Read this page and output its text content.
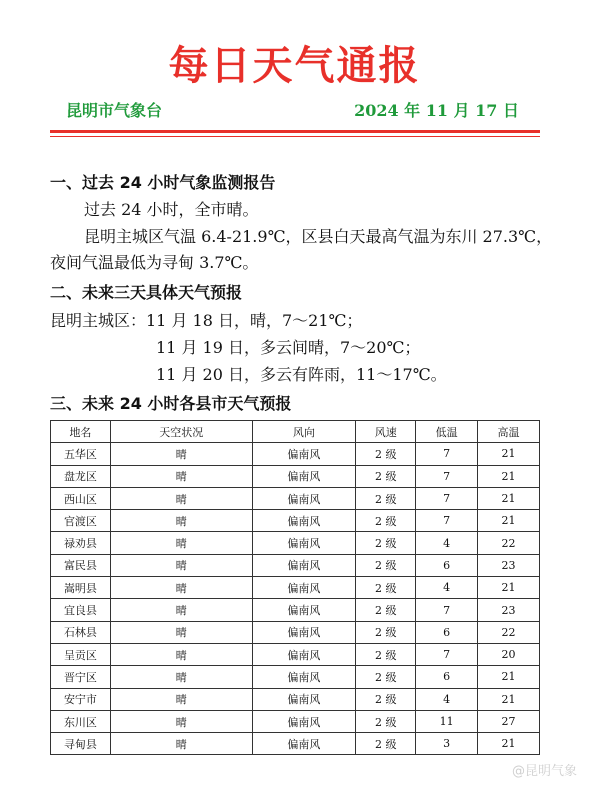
每日天气通报
昆明市气象台	2024 年 11 月 17 日
一、过去 24 小时气象监测报告
过去 24 小时，全市晴。
昆明主城区气温 6.4-21.9℃，区县白天最高气温为东川 27.3℃，
夜间气温最低为寻甸 3.7℃。
二、未来三天具体天气预报
昆明主城区：11 月 18 日，晴，7～21℃；
11 月 19 日，多云间晴，7～20℃；
11 月 20 日，多云有阵雨，11～17℃。
三、未来 24 小时各县市天气预报
地名	天空状况	风向	风速	低温	高温
五华区	晴	偏南风	2 级	7	21
盘龙区	晴	偏南风	2 级	7	21
西山区	晴	偏南风	2 级	7	21
官渡区	晴	偏南风	2 级	7	21
禄劝县	晴	偏南风	2 级	4	22
富民县	晴	偏南风	2 级	6	23
嵩明县	晴	偏南风	2 级	4	21
宜良县	晴	偏南风	2 级	7	23
石林县	晴	偏南风	2 级	6	22
呈贡区	晴	偏南风	2 级	7	20
晋宁区	晴	偏南风	2 级	6	21
安宁市	晴	偏南风	2 级	4	21
东川区	晴	偏南风	2 级	11	27
寻甸县	晴	偏南风	2 级	3	21
@昆明气象
